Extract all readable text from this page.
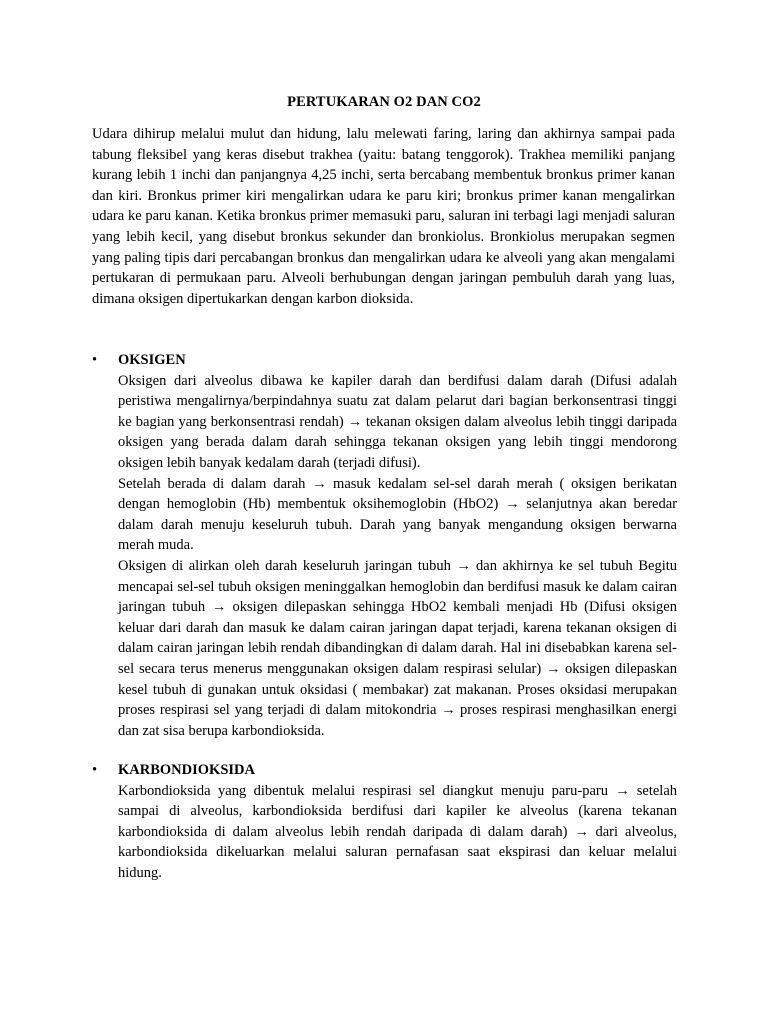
PERTUKARAN O2 DAN CO2

Udara dihirup melalui mulut dan hidung, lalu melewati faring, laring dan akhirnya sampai pada tabung fleksibel yang keras disebut trakhea (yaitu: batang tenggorok). Trakhea memiliki panjang kurang lebih 1 inchi dan panjangnya 4,25 inchi, serta bercabang membentuk bronkus primer kanan dan kiri. Bronkus primer kiri mengalirkan udara ke paru kiri; bronkus primer kanan mengalirkan udara ke paru kanan. Ketika bronkus primer memasuki paru, saluran ini terbagi lagi menjadi saluran yang lebih kecil, yang disebut bronkus sekunder dan bronkiolus. Bronkiolus merupakan segmen yang paling tipis dari percabangan bronkus dan mengalirkan udara ke alveoli yang akan mengalami pertukaran di permukaan paru. Alveoli berhubungan dengan jaringan pembuluh darah yang luas, dimana oksigen dipertukarkan dengan karbon dioksida.

•	OKSIGEN

Oksigen dari alveolus dibawa ke kapiler darah dan berdifusi dalam darah (Difusi adalah peristiwa mengalirnya/berpindahnya suatu zat dalam pelarut dari bagian berkonsentrasi tinggi ke bagian yang berkonsentrasi rendah) → tekanan oksigen dalam alveolus lebih tinggi daripada oksigen yang berada dalam darah sehingga tekanan oksigen yang lebih tinggi mendorong oksigen lebih banyak kedalam darah (terjadi difusi).

Setelah berada di dalam darah → masuk kedalam sel-sel darah merah ( oksigen berikatan dengan hemoglobin (Hb) membentuk oksihemoglobin (HbO2) → selanjutnya akan beredar dalam darah menuju keseluruh tubuh. Darah yang banyak mengandung oksigen berwarna merah muda.

Oksigen di alirkan oleh darah keseluruh jaringan tubuh → dan akhirnya ke sel tubuh Begitu mencapai sel-sel tubuh oksigen meninggalkan hemoglobin dan berdifusi masuk ke dalam cairan jaringan tubuh → oksigen dilepaskan sehingga HbO2 kembali menjadi Hb (Difusi oksigen keluar dari darah dan masuk ke dalam cairan jaringan dapat terjadi, karena tekanan oksigen di dalam cairan jaringan lebih rendah dibandingkan di dalam darah. Hal ini disebabkan karena sel-sel secara terus menerus menggunakan oksigen dalam respirasi selular) → oksigen dilepaskan kesel tubuh di gunakan untuk oksidasi ( membakar) zat makanan. Proses oksidasi merupakan proses respirasi sel yang terjadi di dalam mitokondria → proses respirasi menghasilkan energi dan zat sisa berupa karbondioksida.

•	KARBONDIOKSIDA

Karbondioksida yang dibentuk melalui respirasi sel diangkut menuju paru-paru → setelah sampai di alveolus, karbondioksida berdifusi dari kapiler ke alveolus (karena tekanan karbondioksida di dalam alveolus lebih rendah daripada di dalam darah) → dari alveolus, karbondioksida dikeluarkan melalui saluran pernafasan saat ekspirasi dan keluar melalui hidung.
